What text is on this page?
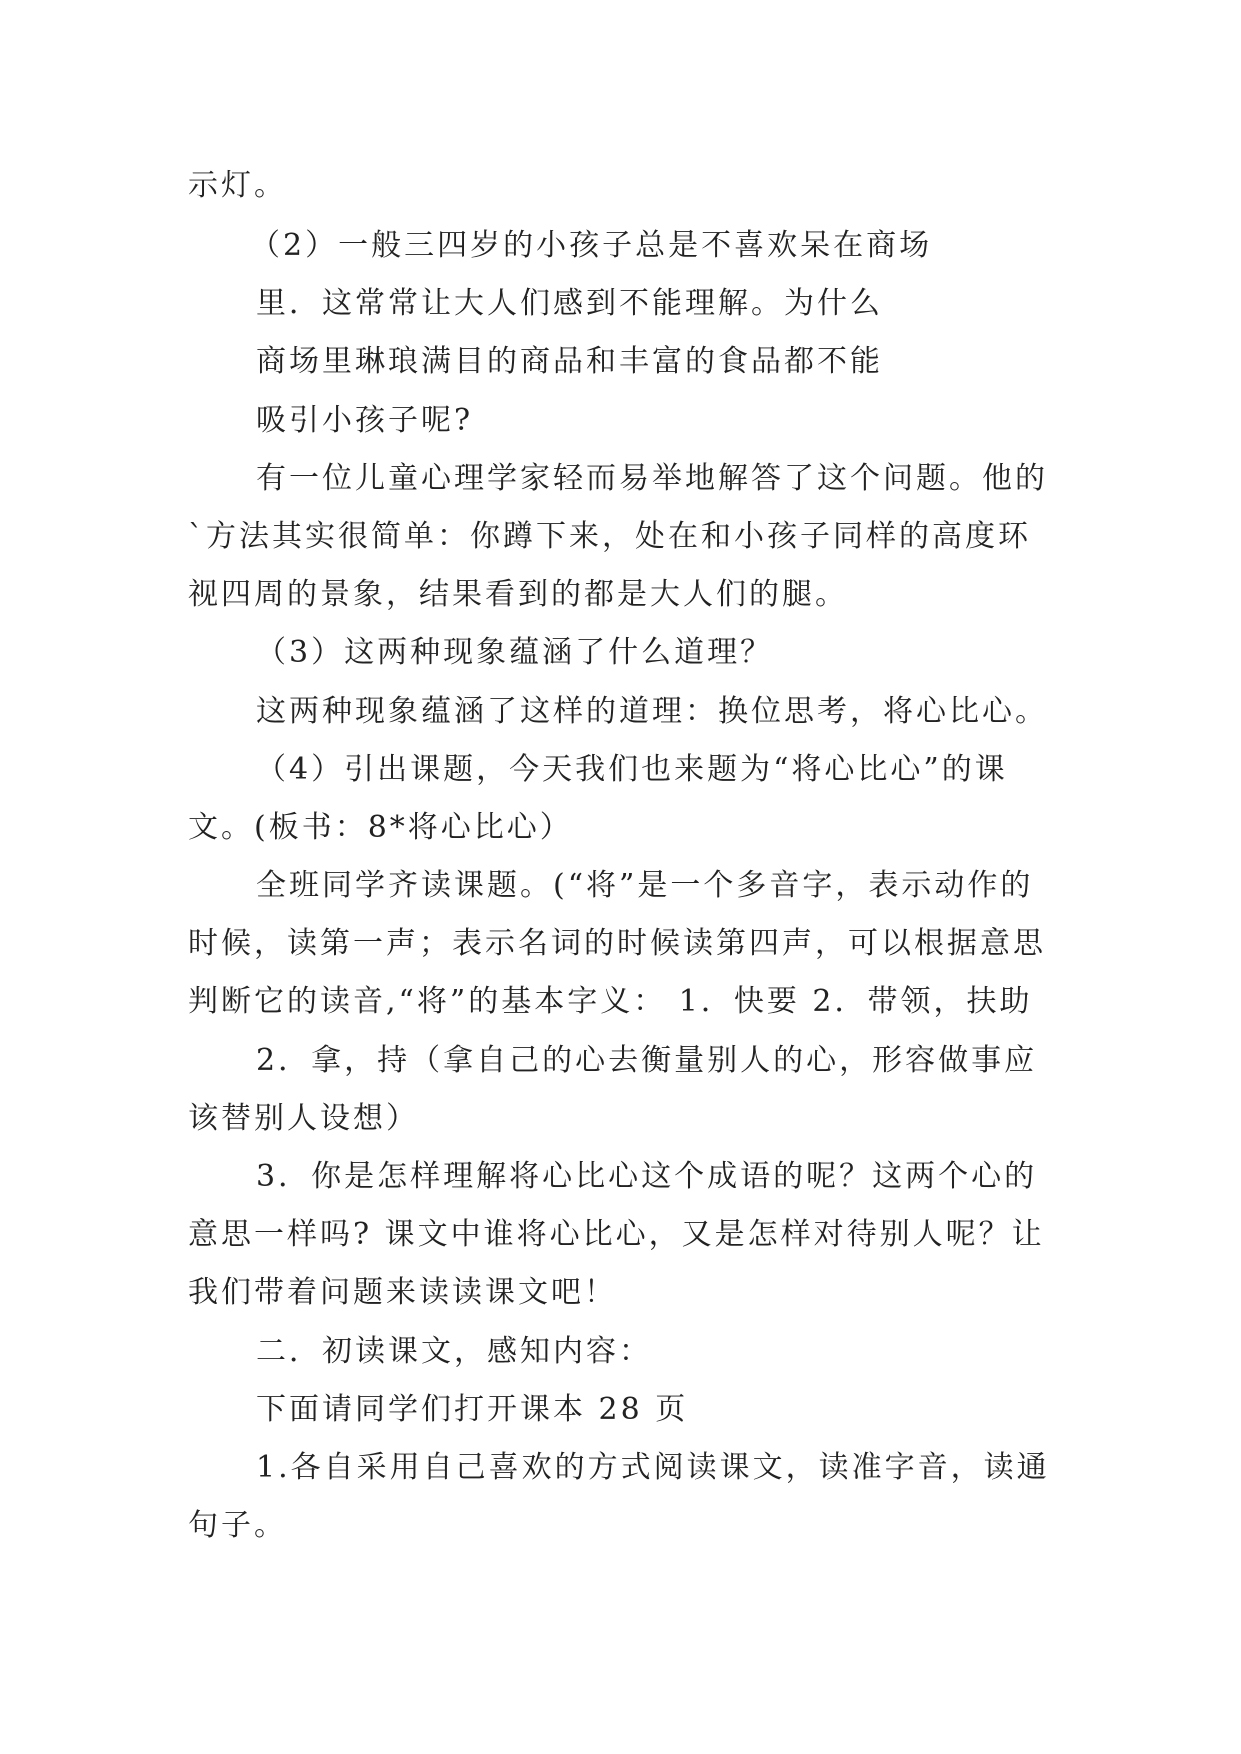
示灯。
（2）一般三四岁的小孩子总是不喜欢呆在商场
里．这常常让大人们感到不能理解。为什么
商场里琳琅满目的商品和丰富的食品都不能
吸引小孩子呢?
有一位儿童心理学家轻而易举地解答了这个问题。他的
`方法其实很简单：你蹲下来，处在和小孩子同样的高度环
视四周的景象，结果看到的都是大人们的腿。
（3）这两种现象蕴涵了什么道理？
这两种现象蕴涵了这样的道理：换位思考，将心比心。
（4）引出课题，今天我们也来题为“将心比心”的课
文。(板书：8*将心比心）
全班同学齐读课题。(“将”是一个多音字，表示动作的
时候，读第一声；表示名词的时候读第四声，可以根据意思
判断它的读音,“将”的基本字义： 1．快要 2．带领，扶助
2．拿，持（拿自己的心去衡量别人的心，形容做事应
该替别人设想）
3．你是怎样理解将心比心这个成语的呢？这两个心的
意思一样吗? 课文中谁将心比心，又是怎样对待别人呢？让
我们带着问题来读读课文吧！
二．初读课文，感知内容：
下面请同学们打开课本 28 页
1.各自采用自己喜欢的方式阅读课文，读准字音，读通
句子。
